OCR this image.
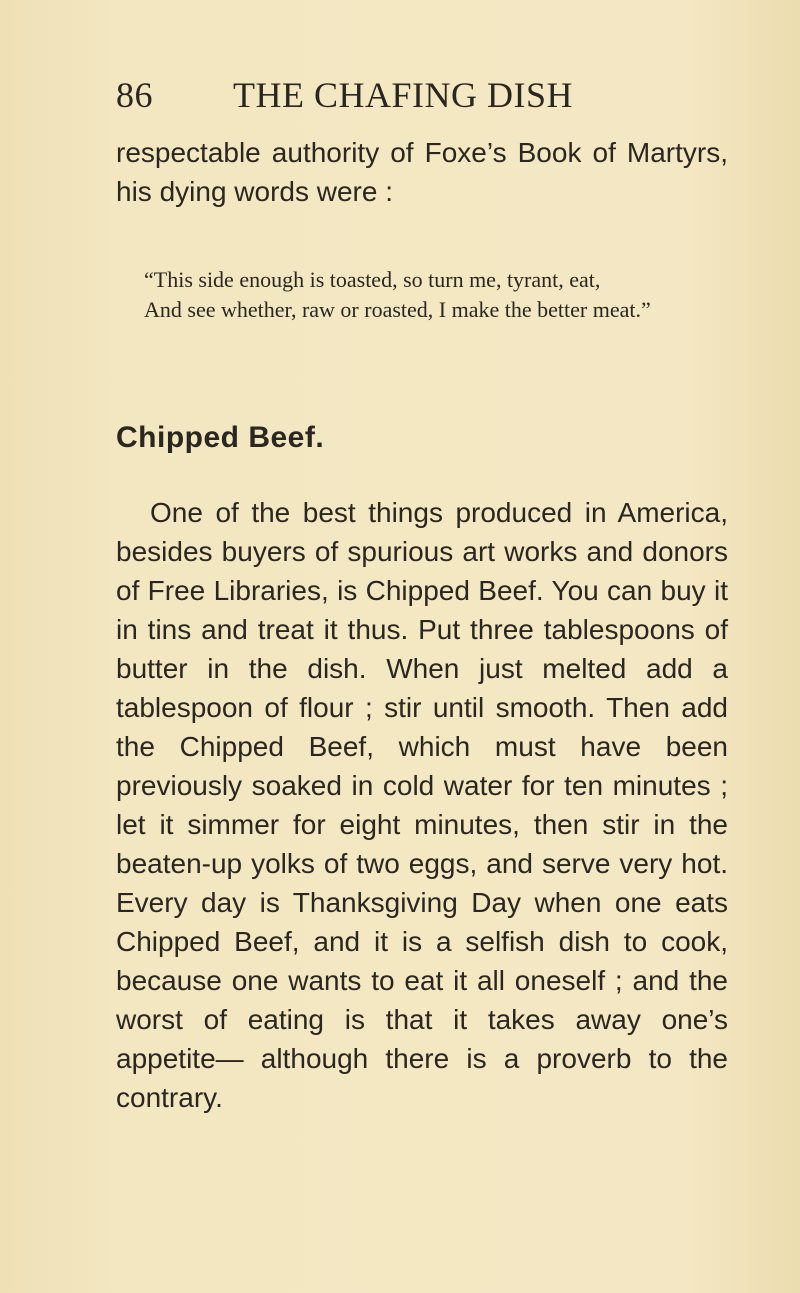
86 THE CHAFING DISH

respectable authority of Foxe’s Book of Martyrs, his dying words were :

“This side enough is toasted, so turn me, tyrant, eat,
And see whether, raw or roasted, I make the better meat.”
Chipped Beef.

One of the best things produced in America, besides buyers of spurious art works and donors of Free Libraries, is Chipped Beef. You can buy it in tins and treat it thus. Put three tablespoons of butter in the dish. When just melted add a tablespoon of flour ; stir until smooth. Then add the Chipped Beef, which must have been previously soaked in cold water for ten minutes ; let it simmer for eight minutes, then stir in the beaten-up yolks of two eggs, and serve very hot. Every day is Thanksgiving Day when one eats Chipped Beef, and it is a selfish dish to cook, because one wants to eat it all oneself ; and the worst of eating is that it takes away one’s appetite— although there is a proverb to the contrary.
